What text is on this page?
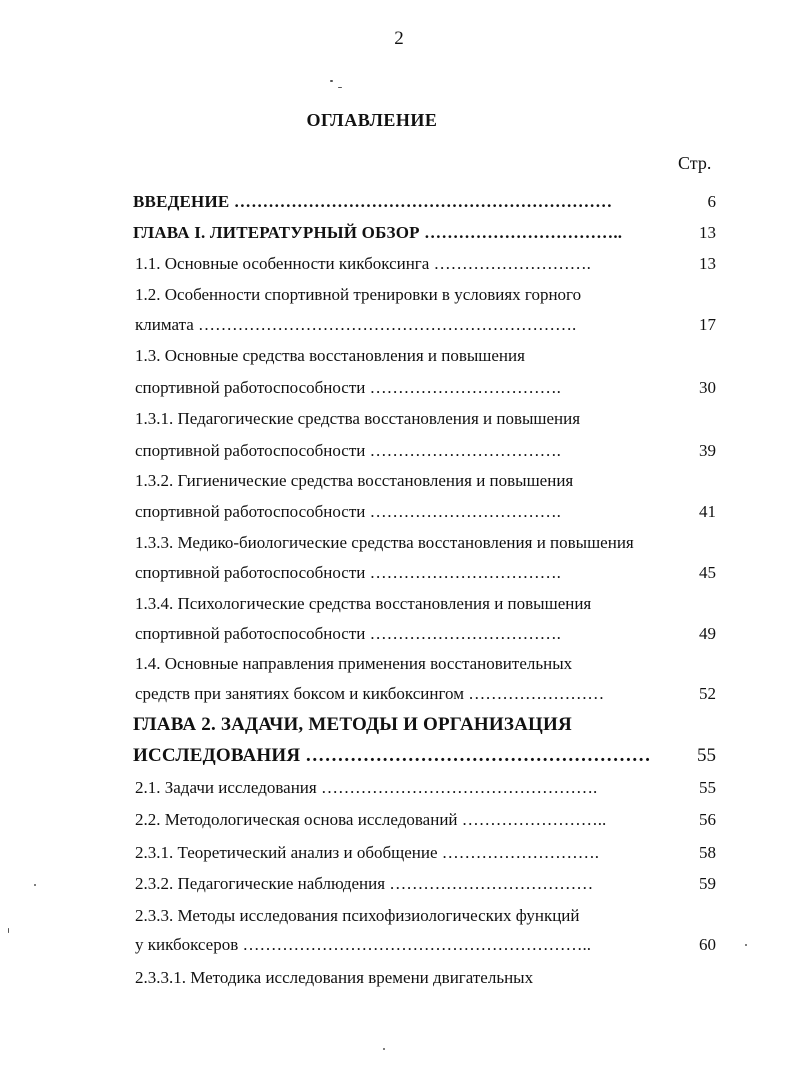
2
ОГЛАВЛЕНИЕ
Стр.
ВВЕДЕНИЕ …………………………………………………………	6
ГЛАВА I. ЛИТЕРАТУРНЫЙ ОБЗОР ……………………………..	13
1.1. Основные особенности кикбоксинга ……………………….	13
1.2. Особенности спортивной тренировки в условиях горного
климата ………………………………………………………….	17
1.3. Основные средства восстановления и повышения
спортивной работоспособности …………………………….	30
1.3.1. Педагогические средства восстановления и повышения
спортивной работоспособности …………………………….	39
1.3.2. Гигиенические средства восстановления и повышения
спортивной работоспособности …………………………….	41
1.3.3. Медико-биологические средства восстановления и повышения
спортивной работоспособности …………………………….	45
1.3.4. Психологические средства восстановления и повышения
спортивной работоспособности …………………………….	49
1.4. Основные направления применения восстановительных
средств при занятиях боксом и кикбоксингом ……………………	52
ГЛАВА 2. ЗАДАЧИ, МЕТОДЫ И ОРГАНИЗАЦИЯ
ИССЛЕДОВАНИЯ ……………………………………………… 55
2.1. Задачи исследования ………………………………………….	55
2.2. Методологическая основа исследований ……………………..	56
2.3.1. Теоретический анализ и обобщение ……………………….	58
2.3.2. Педагогические наблюдения ………………………………	59
2.3.3. Методы исследования психофизиологических функций
у кикбоксеров ……………………………………………………..	60
2.3.3.1. Методика исследования времени двигательных
